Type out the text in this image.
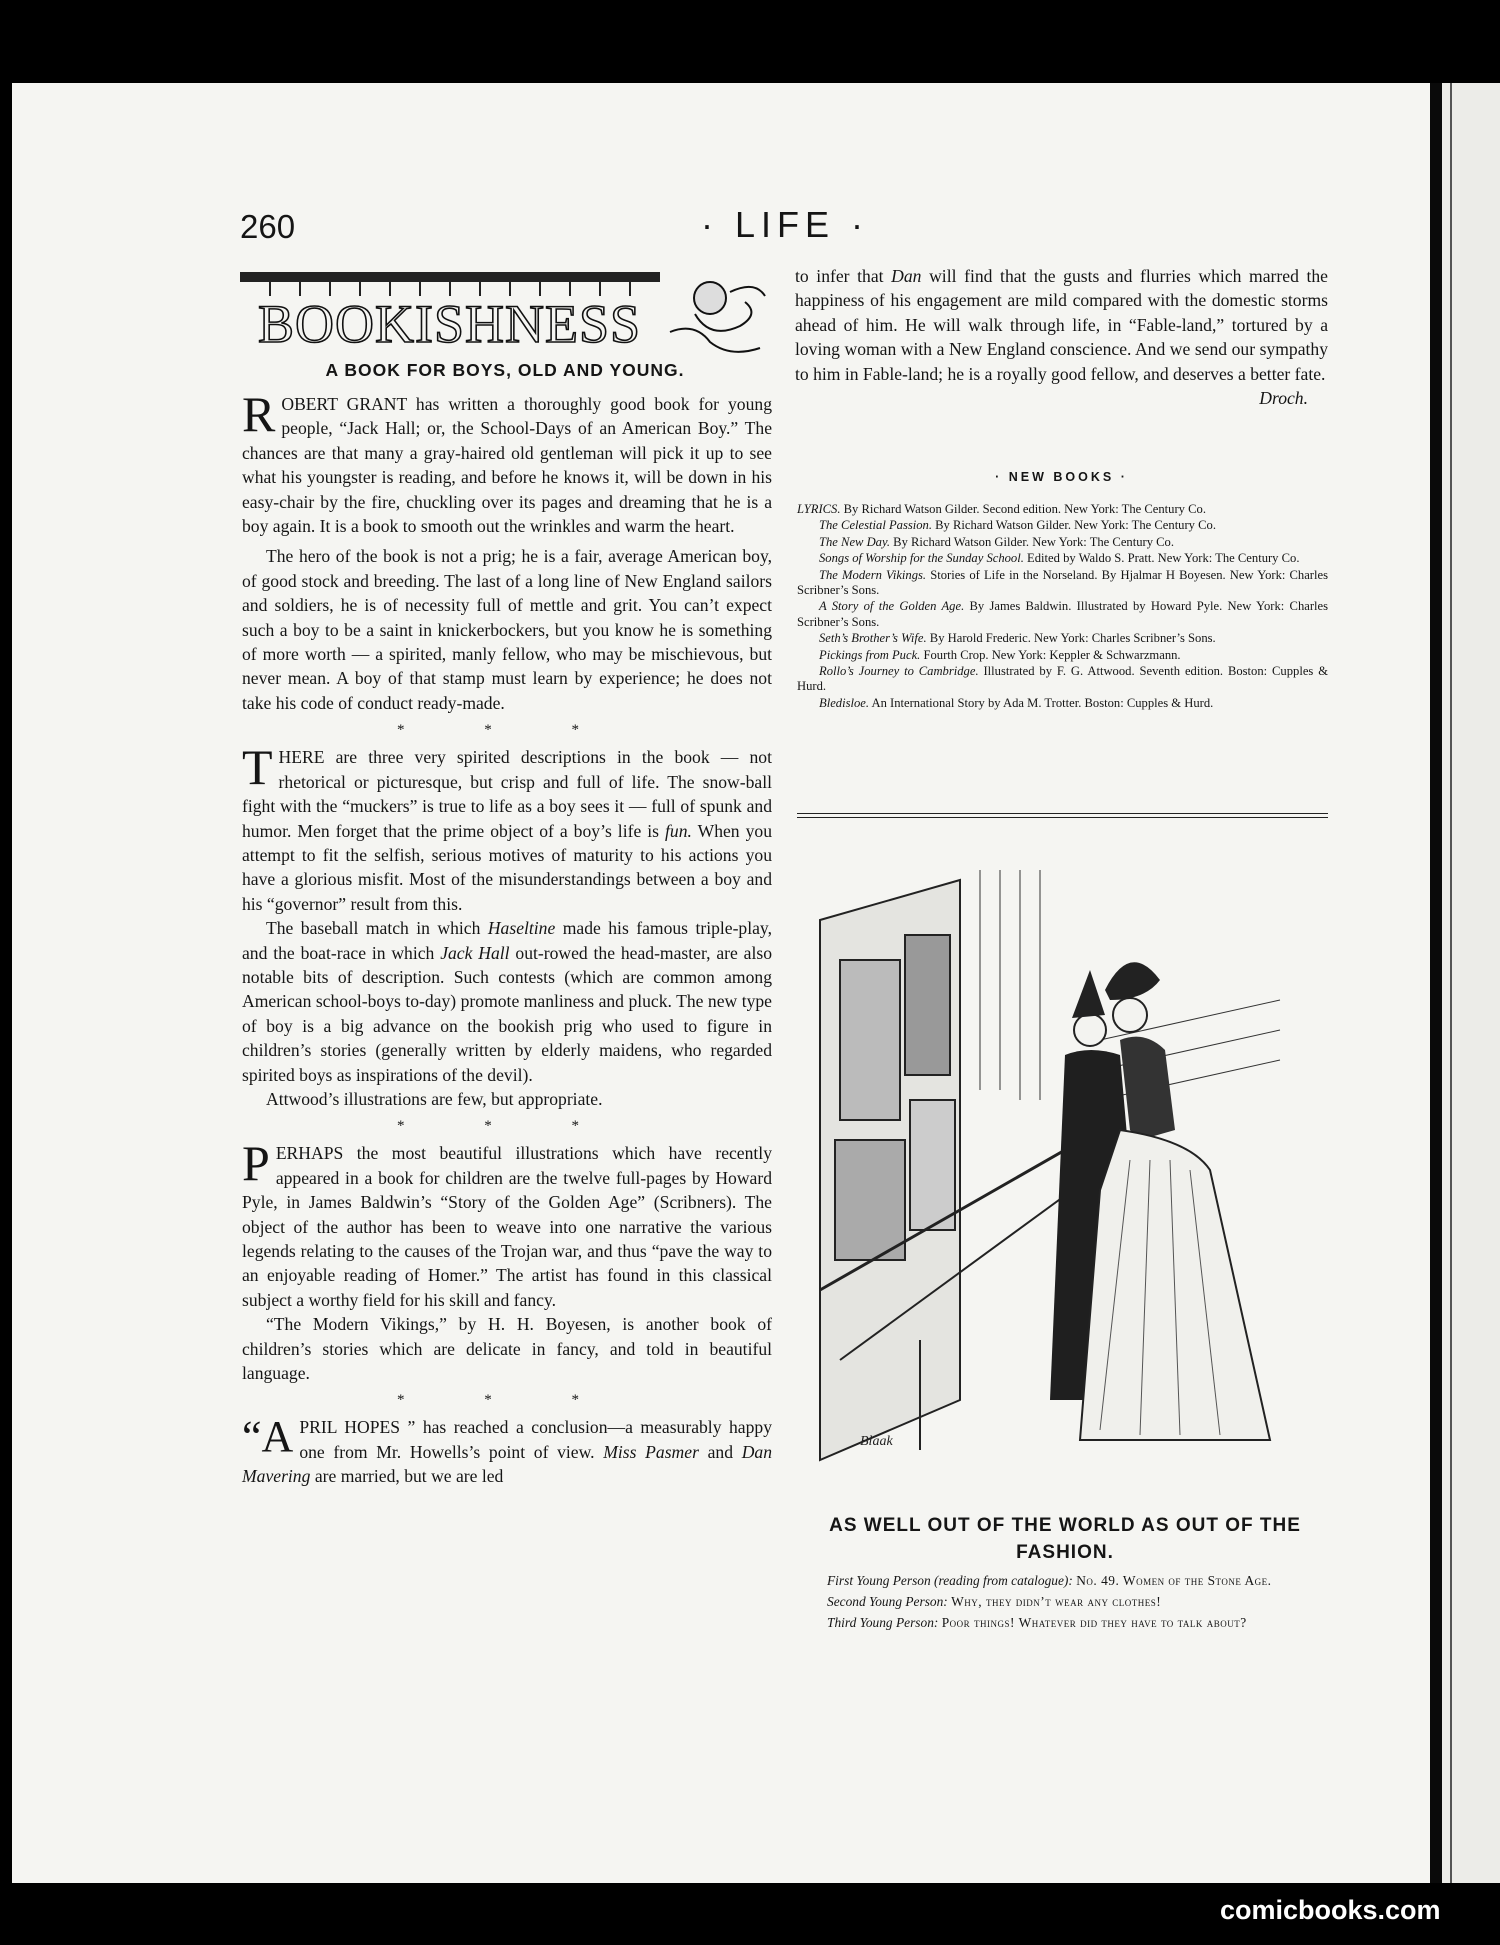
260	· LIFE ·
BOOKISHNESS
A BOOK FOR BOYS, OLD AND YOUNG.

ROBERT GRANT has written a thoroughly good book for young people, “Jack Hall; or, the School-Days of an American Boy.” The chances are that many a gray-haired old gentleman will pick it up to see what his youngster is reading, and before he knows it, will be down in his easy-chair by the fire, chuckling over its pages and dreaming that he is a boy again. It is a book to smooth out the wrinkles and warm the heart.

The hero of the book is not a prig; he is a fair, average American boy, of good stock and breeding. The last of a long line of New England sailors and soldiers, he is of necessity full of mettle and grit. You can’t expect such a boy to be a saint in knickerbockers, but you know he is something of more worth — a spirited, manly fellow, who may be mischievous, but never mean. A boy of that stamp must learn by experience; he does not take his code of conduct ready-made.

* * *

THERE are three very spirited descriptions in the book — not rhetorical or picturesque, but crisp and full of life. The snow-ball fight with the “muckers” is true to life as a boy sees it — full of spunk and humor. Men forget that the prime object of a boy’s life is fun. When you attempt to fit the selfish, serious motives of maturity to his actions you have a glorious misfit. Most of the misunderstandings between a boy and his “governor” result from this.

The baseball match in which Haseltine made his famous triple-play, and the boat-race in which Jack Hall out-rowed the head-master, are also notable bits of description. Such contests (which are common among American school-boys to-day) promote manliness and pluck. The new type of boy is a big advance on the bookish prig who used to figure in children’s stories (generally written by elderly maidens, who regarded spirited boys as inspirations of the devil).

Attwood’s illustrations are few, but appropriate.

* * *

PERHAPS the most beautiful illustrations which have recently appeared in a book for children are the twelve full-pages by Howard Pyle, in James Baldwin’s “Story of the Golden Age” (Scribners). The object of the author has been to weave into one narrative the various legends relating to the causes of the Trojan war, and thus “pave the way to an enjoyable reading of Homer.” The artist has found in this classical subject a worthy field for his skill and fancy.

“The Modern Vikings,” by H. H. Boyesen, is another book of children’s stories which are delicate in fancy, and told in beautiful language.

* * *

“APRIL HOPES ” has reached a conclusion—a measurably happy one from Mr. Howells’s point of view. Miss Pasmer and Dan Mavering are married, but we are led

to infer that Dan will find that the gusts and flurries which marred the happiness of his engagement are mild compared with the domestic storms ahead of him. He will walk through life, in “Fable-land,” tortured by a loving woman with a New England conscience. And we send our sympathy to him in Fable-land; he is a royally good fellow, and deserves a better fate.

Droch.
· NEW BOOKS ·

LYRICS. By Richard Watson Gilder. Second edition. New York: The Century Co.

The Celestial Passion. By Richard Watson Gilder. New York: The Century Co.

The New Day. By Richard Watson Gilder. New York: The Century Co.

Songs of Worship for the Sunday School. Edited by Waldo S. Pratt. New York: The Century Co.

The Modern Vikings. Stories of Life in the Norseland. By Hjalmar H Boyesen. New York: Charles Scribner’s Sons.

A Story of the Golden Age. By James Baldwin. Illustrated by Howard Pyle. New York: Charles Scribner’s Sons.

Seth’s Brother’s Wife. By Harold Frederic. New York: Charles Scribner’s Sons.

Pickings from Puck. Fourth Crop. New York: Keppler & Schwarzmann.

Rollo’s Journey to Cambridge. Illustrated by F. G. Attwood. Seventh edition. Boston: Cupples & Hurd.

Bledisloe. An International Story by Ada M. Trotter. Boston: Cupples & Hurd.

Blaak
AS WELL OUT OF THE WORLD AS OUT OF THE FASHION.

First Young Person (reading from catalogue): No. 49. Women of the Stone Age.

Second Young Person: Why, they didn’t wear any clothes!

Third Young Person: Poor things! Whatever did they have to talk about?

comicbooks.com
